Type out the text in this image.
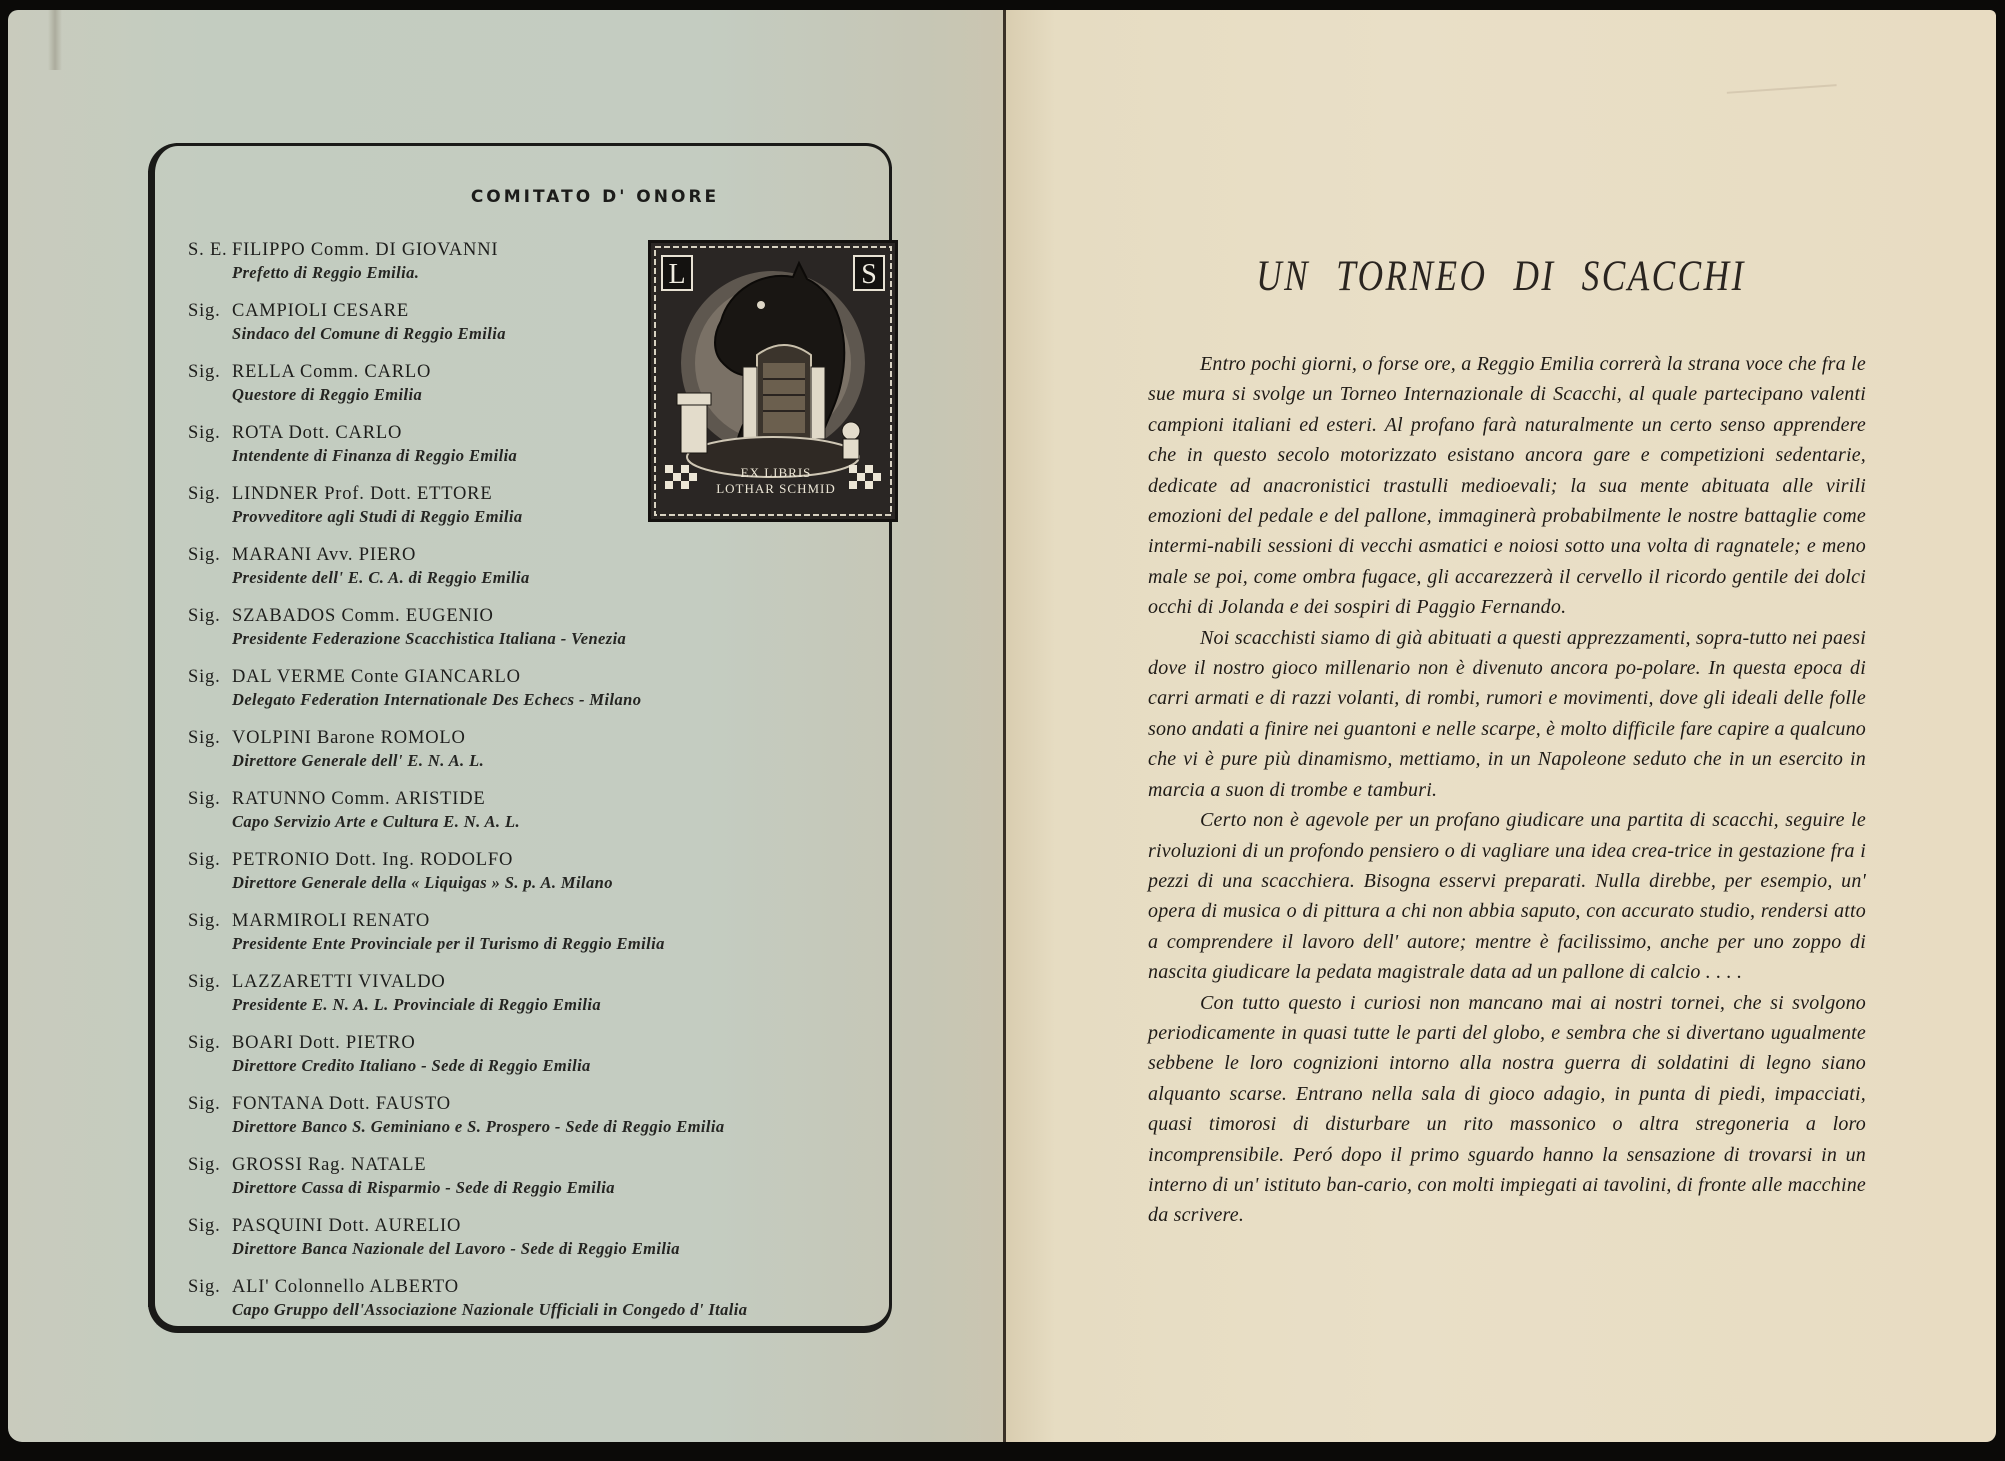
COMITATO D' ONORE
S. E. FILIPPO Comm. DI GIOVANNI
Prefetto di Reggio Emilia.
Sig. CAMPIOLI CESARE
Sindaco del Comune di Reggio Emilia
Sig. RELLA Comm. CARLO
Questore di Reggio Emilia
Sig. ROTA Dott. CARLO
Intendente di Finanza di Reggio Emilia
Sig. LINDNER Prof. Dott. ETTORE
Provveditore agli Studi di Reggio Emilia
Sig. MARANI Avv. PIERO
Presidente dell' E. C. A. di Reggio Emilia
Sig. SZABADOS Comm. EUGENIO
Presidente Federazione Scacchistica Italiana - Venezia
Sig. DAL VERME Conte GIANCARLO
Delegato Federation Internationale Des Echecs - Milano
Sig. VOLPINI Barone ROMOLO
Direttore Generale dell' E. N. A. L.
Sig. RATUNNO Comm. ARISTIDE
Capo Servizio Arte e Cultura E. N. A. L.
Sig. PETRONIO Dott. Ing. RODOLFO
Direttore Generale della « Liquigas » S. p. A. Milano
Sig. MARMIROLI RENATO
Presidente Ente Provinciale per il Turismo di Reggio Emilia
Sig. LAZZARETTI VIVALDO
Presidente E. N. A. L. Provinciale di Reggio Emilia
Sig. BOARI Dott. PIETRO
Direttore Credito Italiano - Sede di Reggio Emilia
Sig. FONTANA Dott. FAUSTO
Direttore Banco S. Geminiano e S. Prospero - Sede di Reggio Emilia
Sig. GROSSI Rag. NATALE
Direttore Cassa di Risparmio - Sede di Reggio Emilia
Sig. PASQUINI Dott. AURELIO
Direttore Banca Nazionale del Lavoro - Sede di Reggio Emilia
Sig. ALI' Colonnello ALBERTO
Capo Gruppo dell'Associazione Nazionale Ufficiali in Congedo d' Italia
L	S
EX LIBRIS
LOTHAR SCHMID
UN TORNEO DI SCACCHI

Entro pochi giorni, o forse ore, a Reggio Emilia correrà la strana voce che fra le sue mura si svolge un Torneo Internazionale di Scacchi, al quale partecipano valenti campioni italiani ed esteri. Al profano farà naturalmente un certo senso apprendere che in questo secolo motorizzato esistano ancora gare e competizioni sedentarie, dedicate ad anacronistici trastulli medioevali; la sua mente abituata alle virili emozioni del pedale e del pallone, immaginerà probabilmente le nostre battaglie come intermi-nabili sessioni di vecchi asmatici e noiosi sotto una volta di ragnatele; e meno male se poi, come ombra fugace, gli accarezzerà il cervello il ricordo gentile dei dolci occhi di Jolanda e dei sospiri di Paggio Fernando.

Noi scacchisti siamo di già abituati a questi apprezzamenti, sopra-tutto nei paesi dove il nostro gioco millenario non è divenuto ancora po-polare. In questa epoca di carri armati e di razzi volanti, di rombi, rumori e movimenti, dove gli ideali delle folle sono andati a finire nei guantoni e nelle scarpe, è molto difficile fare capire a qualcuno che vi è pure più dinamismo, mettiamo, in un Napoleone seduto che in un esercito in marcia a suon di trombe e tamburi.

Certo non è agevole per un profano giudicare una partita di scacchi, seguire le rivoluzioni di un profondo pensiero o di vagliare una idea crea-trice in gestazione fra i pezzi di una scacchiera. Bisogna esservi preparati. Nulla direbbe, per esempio, un' opera di musica o di pittura a chi non abbia saputo, con accurato studio, rendersi atto a comprendere il lavoro dell' autore; mentre è facilissimo, anche per uno zoppo di nascita giudicare la pedata magistrale data ad un pallone di calcio . . . .

Con tutto questo i curiosi non mancano mai ai nostri tornei, che si svolgono periodicamente in quasi tutte le parti del globo, e sembra che si divertano ugualmente sebbene le loro cognizioni intorno alla nostra guerra di soldatini di legno siano alquanto scarse. Entrano nella sala di gioco adagio, in punta di piedi, impacciati, quasi timorosi di disturbare un rito massonico o altra stregoneria a loro incomprensibile. Peró dopo il primo sguardo hanno la sensazione di trovarsi in un interno di un' istituto ban-cario, con molti impiegati ai tavolini, di fronte alle macchine da scrivere.
